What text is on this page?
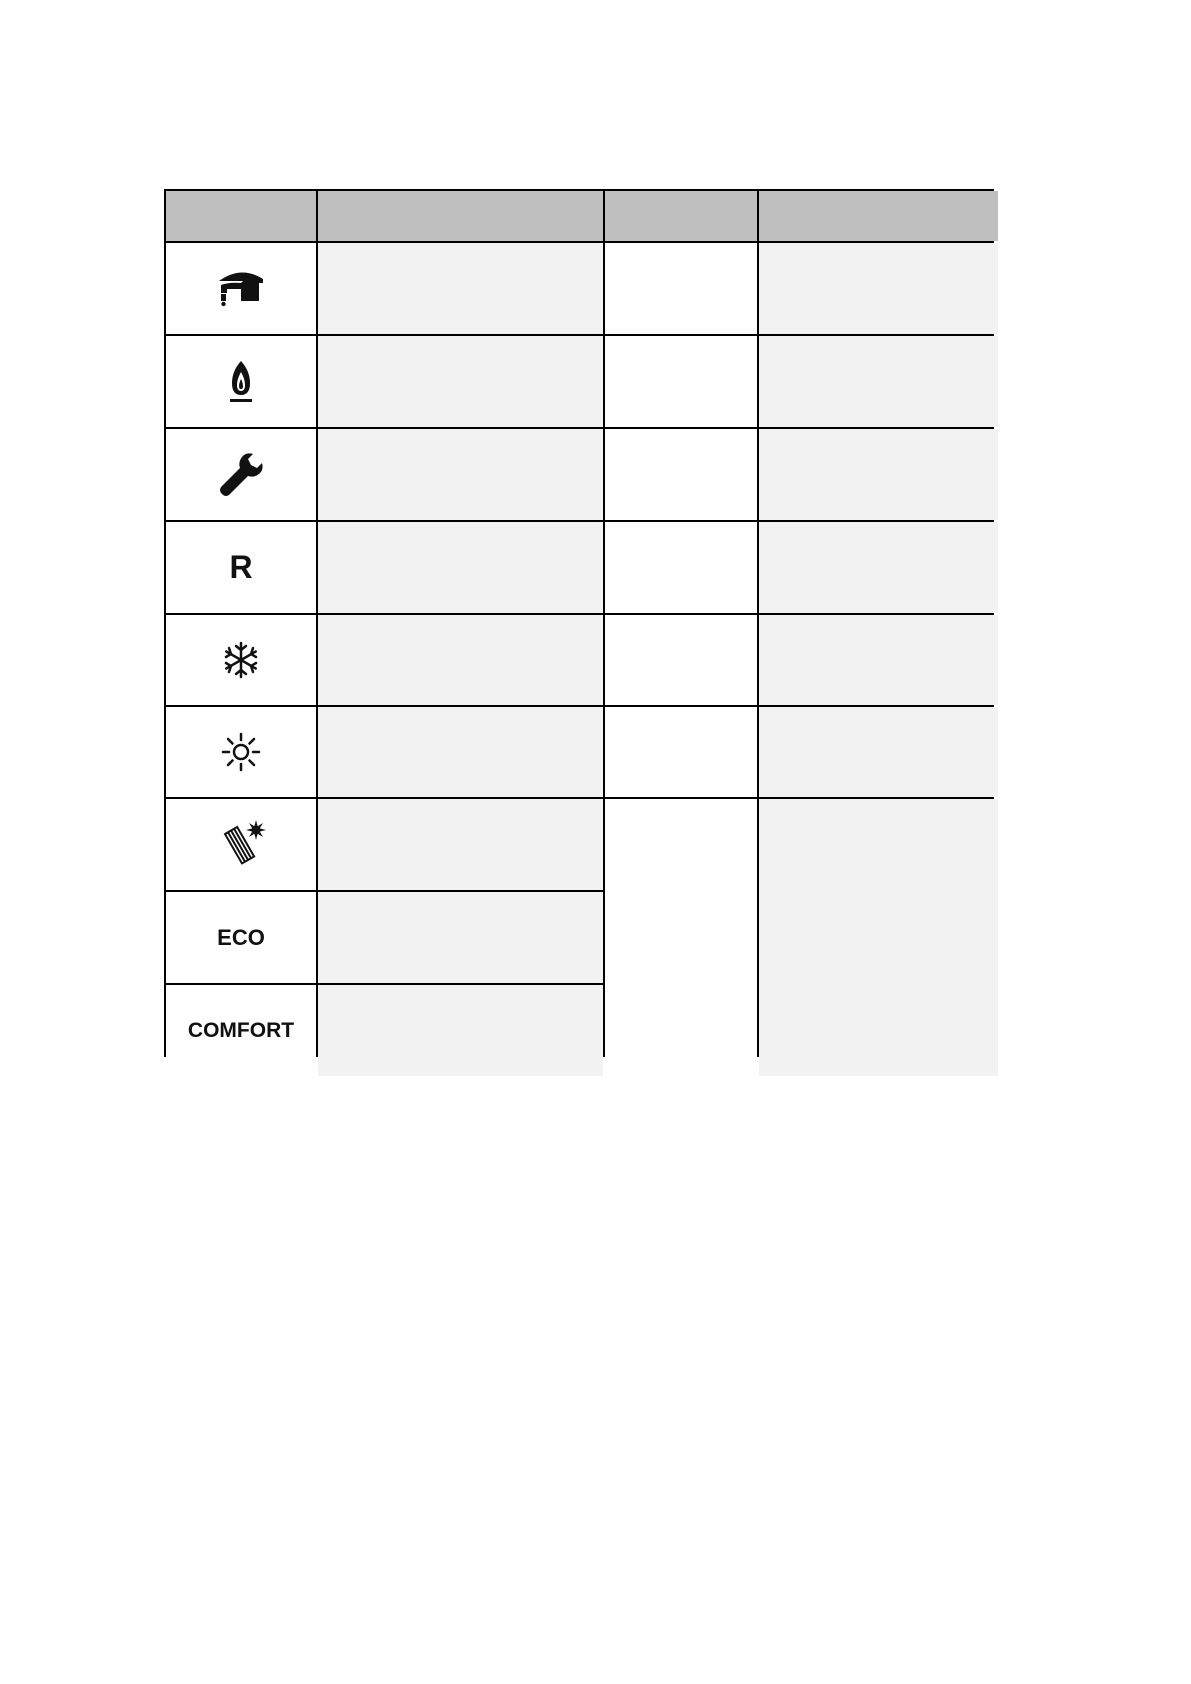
R
ECO
COMFORT
